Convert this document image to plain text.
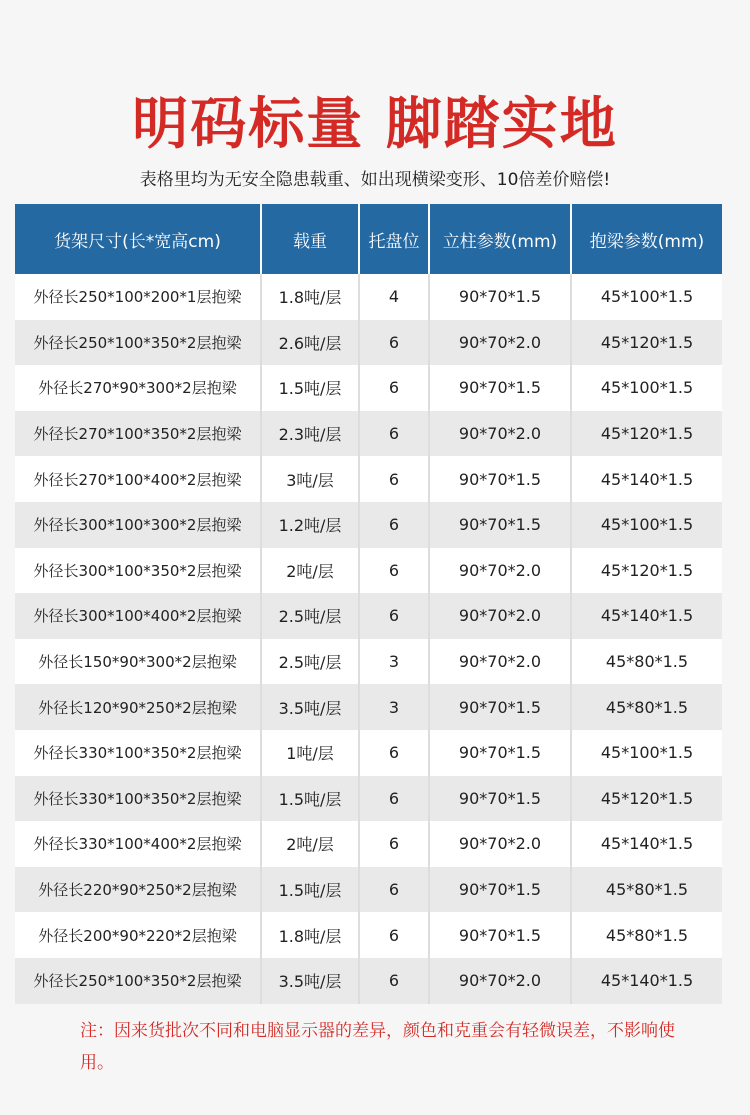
明码标量 脚踏实地
表格里均为无安全隐患载重、如出现横梁变形、10倍差价赔偿!
货架尺寸(长*宽高cm)	载重	托盘位	立柱参数(mm)	抱梁参数(mm)
外径长250*100*200*1层抱梁	1.8吨/层	4	90*70*1.5	45*100*1.5
外径长250*100*350*2层抱梁	2.6吨/层	6	90*70*2.0	45*120*1.5
外径长270*90*300*2层抱梁	1.5吨/层	6	90*70*1.5	45*100*1.5
外径长270*100*350*2层抱梁	2.3吨/层	6	90*70*2.0	45*120*1.5
外径长270*100*400*2层抱梁	3吨/层	6	90*70*1.5	45*140*1.5
外径长300*100*300*2层抱梁	1.2吨/层	6	90*70*1.5	45*100*1.5
外径长300*100*350*2层抱梁	2吨/层	6	90*70*2.0	45*120*1.5
外径长300*100*400*2层抱梁	2.5吨/层	6	90*70*2.0	45*140*1.5
外径长150*90*300*2层抱梁	2.5吨/层	3	90*70*2.0	45*80*1.5
外径长120*90*250*2层抱梁	3.5吨/层	3	90*70*1.5	45*80*1.5
外径长330*100*350*2层抱梁	1吨/层	6	90*70*1.5	45*100*1.5
外径长330*100*350*2层抱梁	1.5吨/层	6	90*70*1.5	45*120*1.5
外径长330*100*400*2层抱梁	2吨/层	6	90*70*2.0	45*140*1.5
外径长220*90*250*2层抱梁	1.5吨/层	6	90*70*1.5	45*80*1.5
外径长200*90*220*2层抱梁	1.8吨/层	6	90*70*1.5	45*80*1.5
外径长250*100*350*2层抱梁	3.5吨/层	6	90*70*2.0	45*140*1.5
注：因来货批次不同和电脑显示器的差异，颜色和克重会有轻微误差，不影响使用。
